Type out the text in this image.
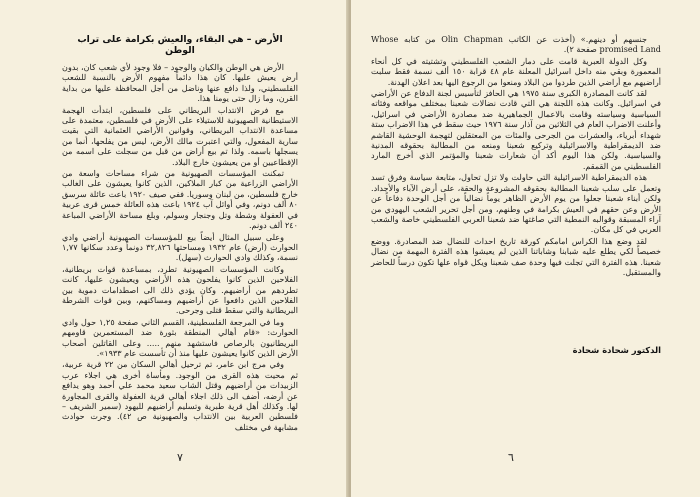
الأرض – هي البقاء، والعيش بكرامة على تراب الوطن

الأرض هي الوطن والكيان والوجود – فلا وجود لأي شعب كان، بدون أرض يعيش عليها. كان هذا دائماً مفهوم الأرض بالنسبة للشعب الفلسطيني، ولذا دافع عنها وناضل من أجل المحافظة عليها من بداية القرن، وما زال حتى يومنا هذا.

مع فرض الانتداب البريطاني على فلسطين، ابتدأت الهجمة الاستيطانية الصهيونية للاستيلاء على الأرض في فلسطين، معتمدة على مساعدة الانتداب البريطاني، وقوانين الأراضي العثمانية التي بقيت سارية المفعول، والتي اعتبرت مالك الأرض، ليس من يفلحها، أنما من يسجلها باسمه. ولذا تم بيع أراض من قبل من سجلت على اسمه من الإقطاعيين أو من يعيشون خارج البلاد.

تمكنت المؤسسات الصهيونية من شراء مساحات واسعة من الأراضي الزراعية من كبار الملاكين، الذين كانوا يعيشون على الغالب خارج فلسطين، من لبنان وسوريا. ففي صيف ١٩٢٠ باعت عائلة سرسق ٨٠ ألف دونم، وفي أوائل آب ١٩٢٤ باعت هذه العائلة خمس قرى عربية في العفولة وشطة وتل وجنجار وسولم، وبلغ مساحة الأراضي المباعة ٢٤٠ ألف دونم.

وعلى سبيل المثال أيضاً بيع للمؤسسات الصهيونية أراضي وادي الحوارث (أرض) عام ١٩٣٢ ومساحتها ٣٢,٨٢٦ دونماً وعدد سكانها ١,٧٧ نسمة، وكذلك وادي الحوارث (سهل).

وكانت المؤسسات الصهيونية تطرد، بمساعدة قوات بريطانية، الفلاحين الذين كانوا يفلحون هذه الأراضي ويعيشون عليها، كانت تطردهم من أراضيهم. وكان يؤدي ذلك الى اصطدامات دموية بين الفلاحين الذين دافعوا عن أراضيهم ومساكنهم، وبين قوات الشرطة البريطانية والتي سقط قتلى وجرحى.

وما في المرجعة الفلسطينية، القسم الثاني صفحة ١,٢٥ حول وادي الحوارث: «قام أهالي المنطقة بثورة ضد المستعمرين قاومهم البريطانيون بالرصاص فاستشهد منهم ..... وعلى القاتلين أصحاب الأرض الذين كانوا يعيشون عليها منذ أن تأسست عام ١٩٣٣».

وفي مرج ابن عامر، تم ترحيل أهالي السكان من ٢٢ قرية عربية، ثم محيت هذه القرى من الوجود. ومأساة أخرى هي اجلاء عرب الزبيدات من أراضيهم وقتل الشاب سعيد محمد علي أحمد وهو يدافع عن أرضه، أضف الى ذلك اجلاء أهالي قرية العفولة والقرى المجاورة لها. وكذلك أهل قرية طبرية وتسليم أراضيهم لليهود (سمير الشريف – فلسطين العربية بين الانتداب والصهيونية ص ٤٢). وجرت حوادث مشابهة في مختلف

٧

جنسهم أو دينهم.» (أخذت عن الكاتب Olin Chapman من كتابه Whose promised Land صفحة ٢).

وكل الدولة العبرية قامت على دمار الشعب الفلسطيني وتشتيته في كل أنحاء المعمورة وبقي منه داخل اسرائيل المعلنة عام ٤٨ قرابة ١٥٠ ألف نسمة فقط سلبت أراضيهم مع أراضي الذين طردوا من البلاد ومنعوا من الرجوع اليها بعد اعلان الهدنة.

لقد كانت المصادرة الكبرى سنة ١٩٧٥ هي الحافز لتأسيس لجنة الدفاع عن الأراضي في اسرائيل. وكانت هذه اللجنة هي التي قادت نضالات شعبنا بمختلف مواقعه وفئاته السياسية وسياسته وقامت بالاعمال الجماهيرية ضد مصادرة الأراضي في اسرائيل، وأعلنت الاضراب العام في الثلاثين من آذار سنة ١٩٧٦ حيث سقط في هذا الاضراب ستة شهداء أبرياء، والعشرات من الجرحى والمئات من المعتقلين لتهجمة الوحشية القاشم ضد الديمقراطية والاسرائيلية وتركيع شعبنا ومنعه من المطالبة بحقوقه المدنية والسياسية. ولكن هذا اليوم أكد أن شعارات شعبنا والمؤتمر الذي أخرج المارد الفلسطيني من القمقم.

هذه الديمقراطية الاسرائيلية التي حاولت ولا تزل تحاول، متابعة سياسة وفرق تسد وتعمل على سلب شعبنا المطالبة بحقوقه المشروعة والحقة، على أرض الآباء والأجداد. ولكن أبناء شعبنا جعلوا من يوم الأرض الظاهر يوماً نضالياً من أجل الوحدة دفاعاً عن الأرض وعن حقهم في العيش بكرامة في وطنهم، ومن أجل تحرير الشعب اليهودي من آراء المسبقة وقوالبه النمطية التي صاغتها ضد شعبنا العربي الفلسطيني خاصة والشعب العربي في كل مكان.

لقد وضع هذا الكراس امامكم كورقة تاريخ احداث للنضال ضد المصادرة. ووضع خصيصاً لكي يطلع عليه شبابنا وشاباتنا الذين لم يعيشوا هذه الفترة المهمة من نضال شعبنا. هذه الفترة التي تجلت فيها وحدة صف شعبنا ويكل قواه علها تكون درساً للحاضر والمستقبل.

الدكتور شحادة شحادة
٦
